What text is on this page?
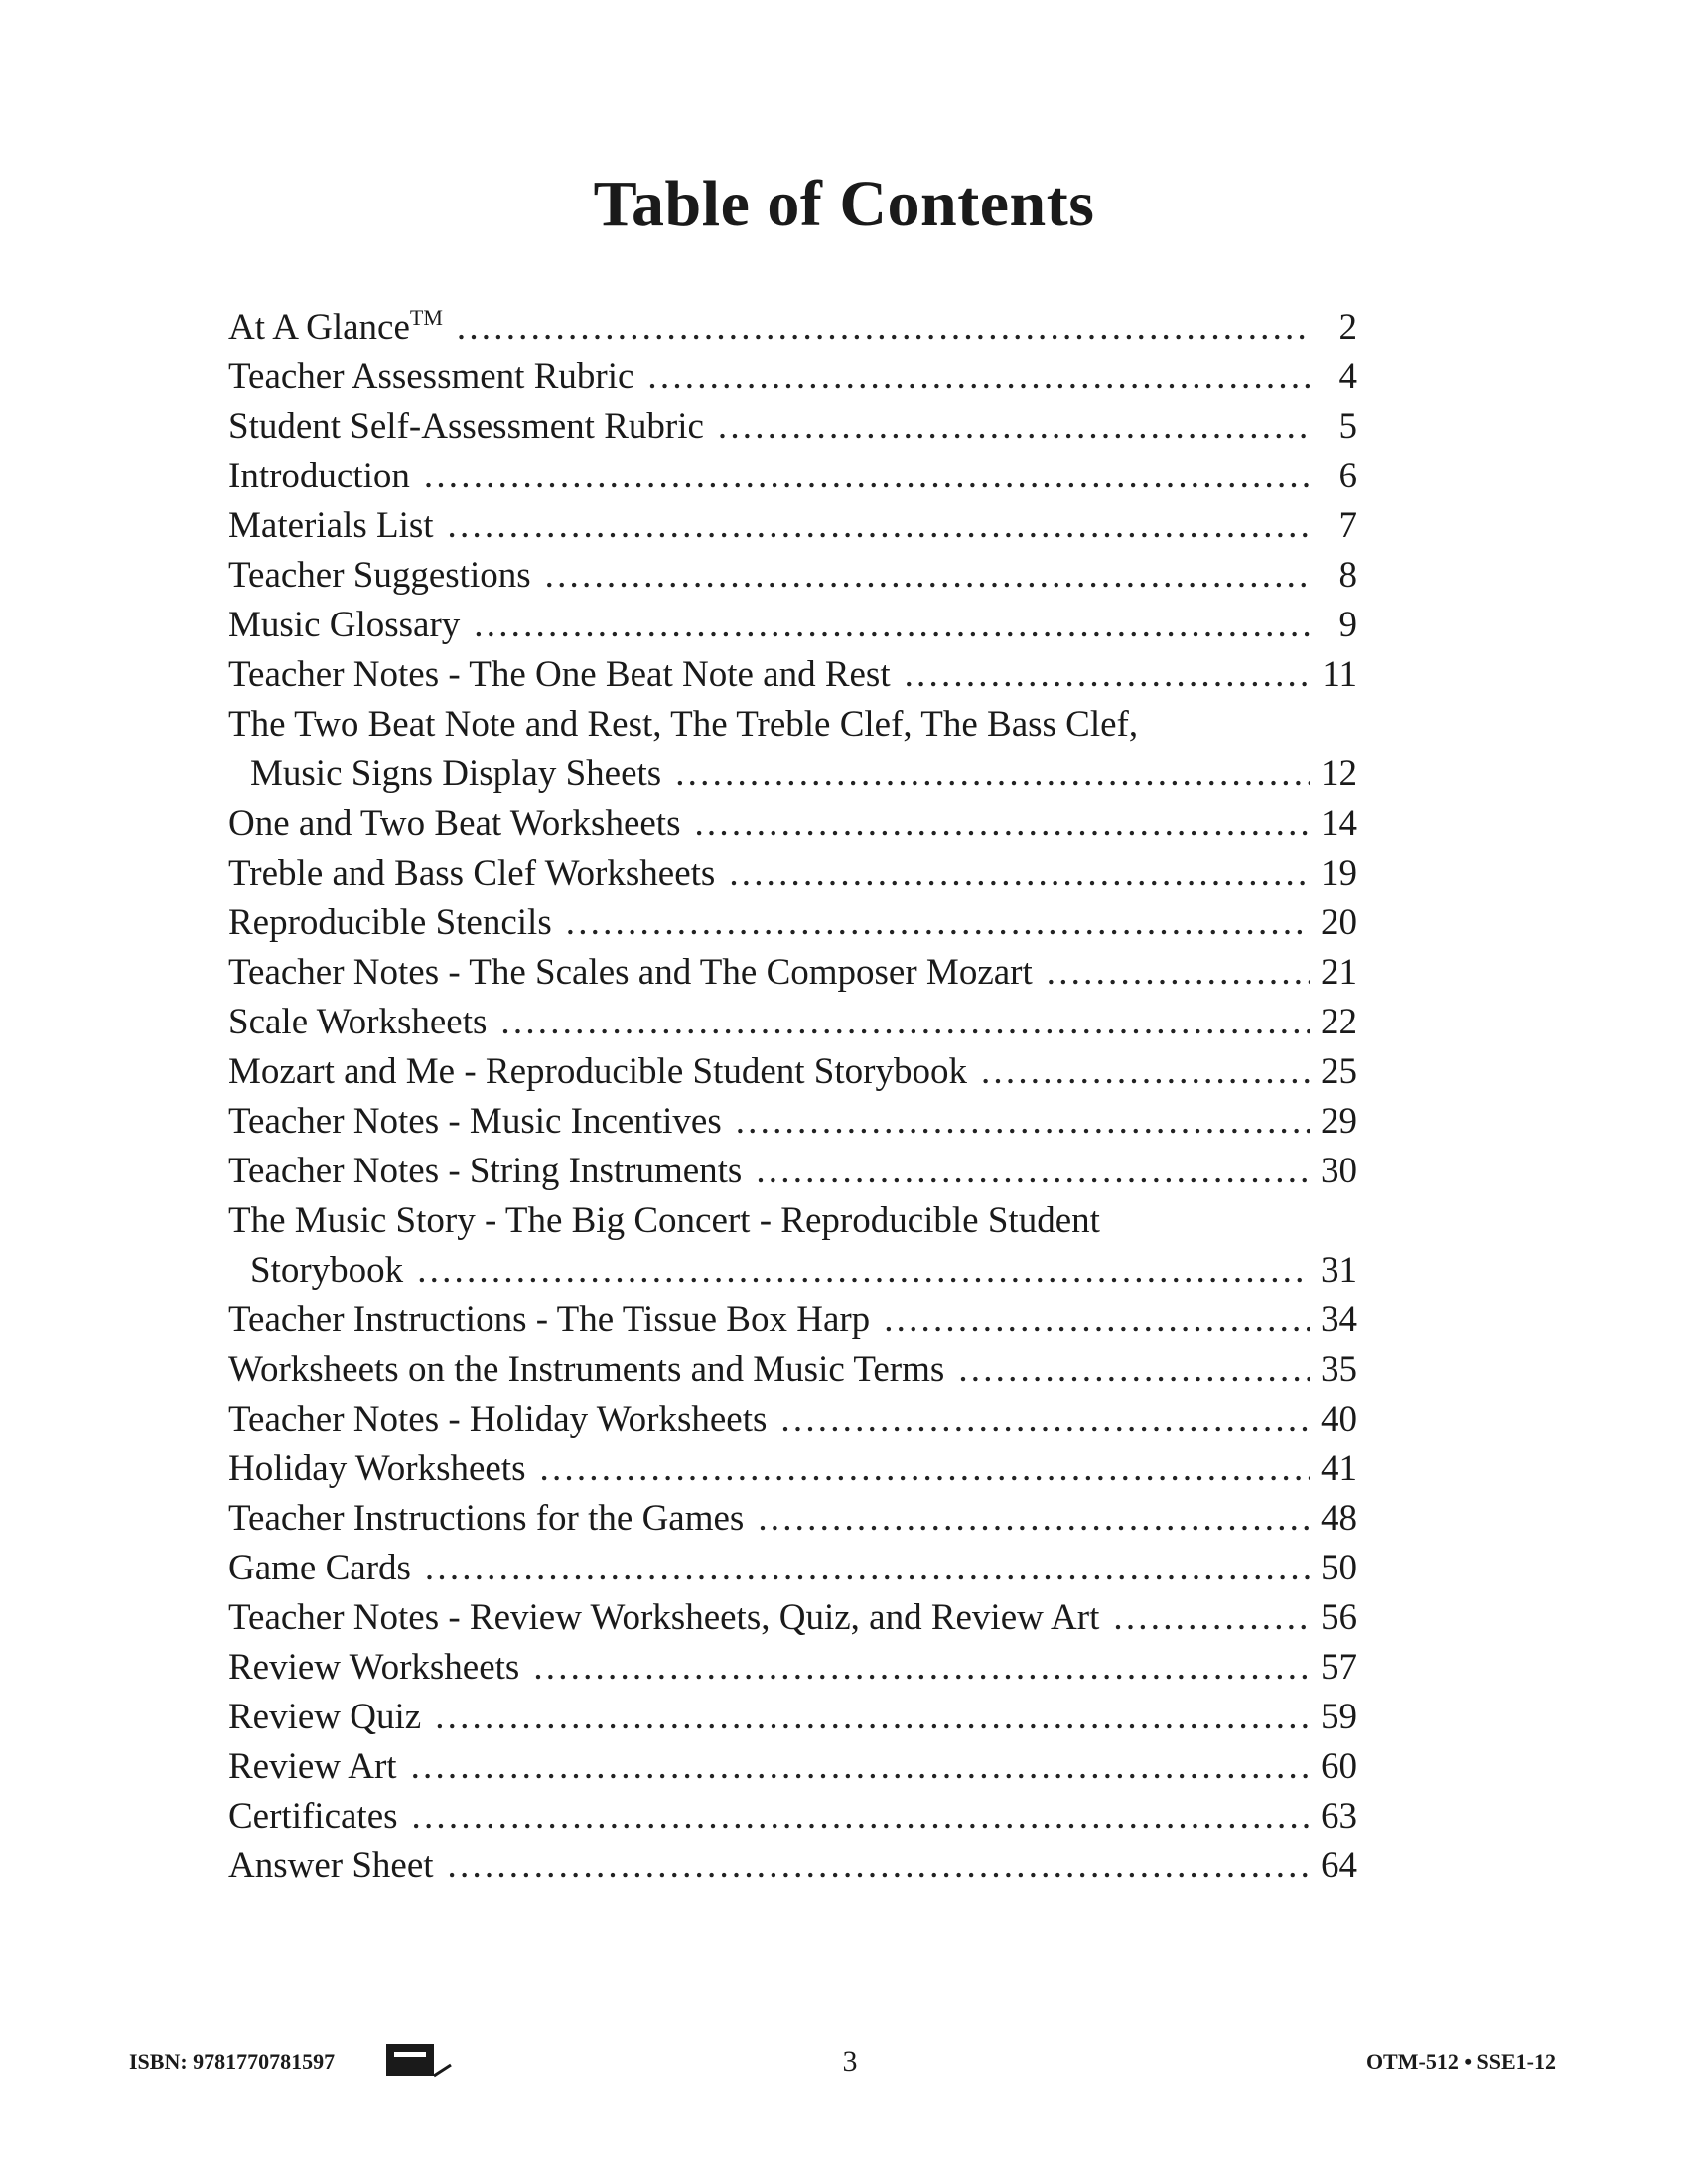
Table of Contents
At A Glance™ .....	2
Teacher Assessment Rubric .....	4
Student Self-Assessment Rubric .....	5
Introduction .....	6
Materials List .....	7
Teacher Suggestions .....	8
Music Glossary .....	9
Teacher Notes - The One Beat Note and Rest .....	11
The Two Beat Note and Rest, The Treble Clef, The Bass Clef,
Music Signs Display Sheets .....	12
One and Two Beat Worksheets .....	14
Treble and Bass Clef Worksheets .....	19
Reproducible Stencils .....	20
Teacher Notes - The Scales and The Composer Mozart .....	21
Scale Worksheets .....	22
Mozart and Me - Reproducible Student Storybook .....	25
Teacher Notes - Music Incentives .....	29
Teacher Notes - String Instruments .....	30
The Music Story - The Big Concert - Reproducible Student
Storybook .....	31
Teacher Instructions - The Tissue Box Harp .....	34
Worksheets on the Instruments and Music Terms .....	35
Teacher Notes - Holiday Worksheets .....	40
Holiday Worksheets .....	41
Teacher Instructions for the Games .....	48
Game Cards .....	50
Teacher Notes - Review Worksheets, Quiz, and Review Art .....	56
Review Worksheets .....	57
Review Quiz .....	59
Review Art .....	60
Certificates .....	63
Answer Sheet .....	64
ISBN: 9781770781597	3	OTM-512 • SSE1-12
